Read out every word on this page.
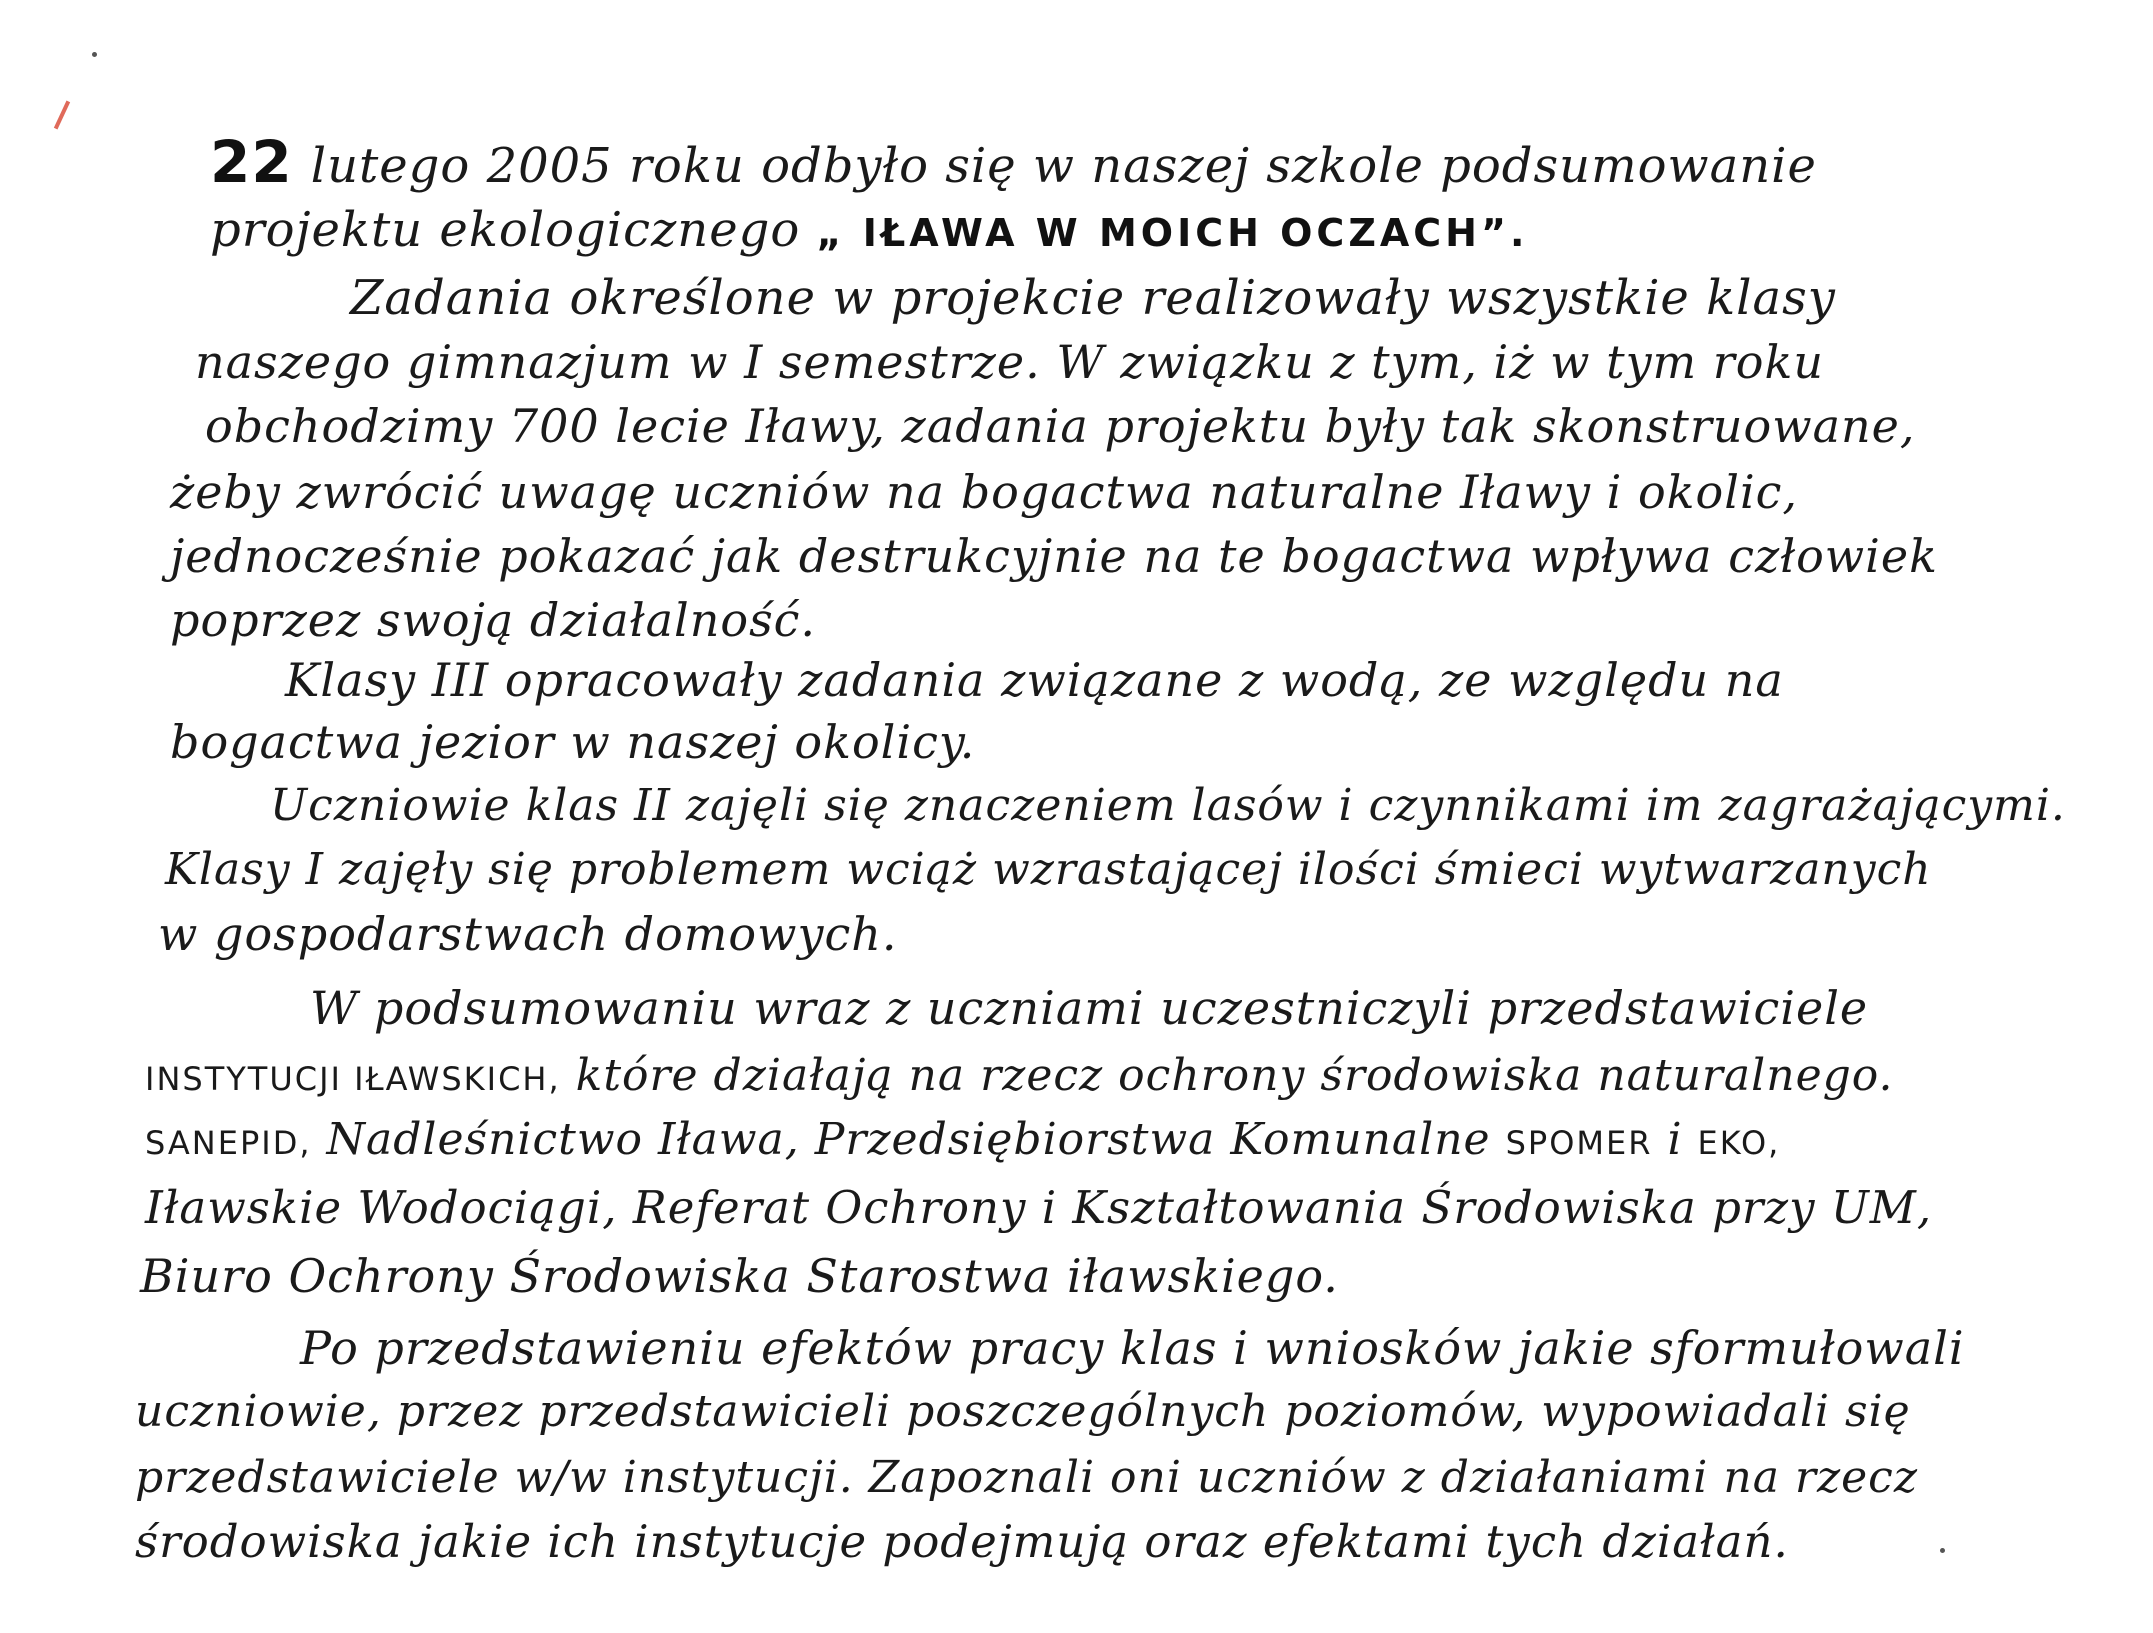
22 lutego 2005 roku odbyło się w naszej szkole podsumowanie
projektu ekologicznego „ IŁAWA W MOICH OCZACH”.
Zadania określone w projekcie realizowały wszystkie klasy
naszego gimnazjum w I semestrze. W związku z tym, iż w tym roku
obchodzimy 700 lecie Iławy, zadania projektu były tak skonstruowane,
żeby zwrócić uwagę uczniów na bogactwa naturalne Iławy i okolic,
jednocześnie pokazać jak destrukcyjnie na te bogactwa wpływa człowiek
poprzez swoją działalność.
Klasy III opracowały zadania związane z wodą, ze względu na
bogactwa jezior w naszej okolicy.
Uczniowie klas II zajęli się znaczeniem lasów i czynnikami im zagrażającymi.
Klasy I zajęły się problemem wciąż wzrastającej ilości śmieci wytwarzanych
w gospodarstwach domowych.
W podsumowaniu wraz z uczniami uczestniczyli przedstawiciele
INSTYTUCJI IŁAWSKICH, które działają na rzecz ochrony środowiska naturalnego.
SANEPID, Nadleśnictwo Iława, Przedsiębiorstwa Komunalne SPOMER i EKO,
Iławskie Wodociągi, Referat Ochrony i Kształtowania Środowiska przy UM,
Biuro Ochrony Środowiska Starostwa iławskiego.
Po przedstawieniu efektów pracy klas i wniosków jakie sformułowali
uczniowie, przez przedstawicieli poszczególnych poziomów, wypowiadali się
przedstawiciele w/w instytucji. Zapoznali oni uczniów z działaniami na rzecz
środowiska jakie ich instytucje podejmują oraz efektami tych działań.
